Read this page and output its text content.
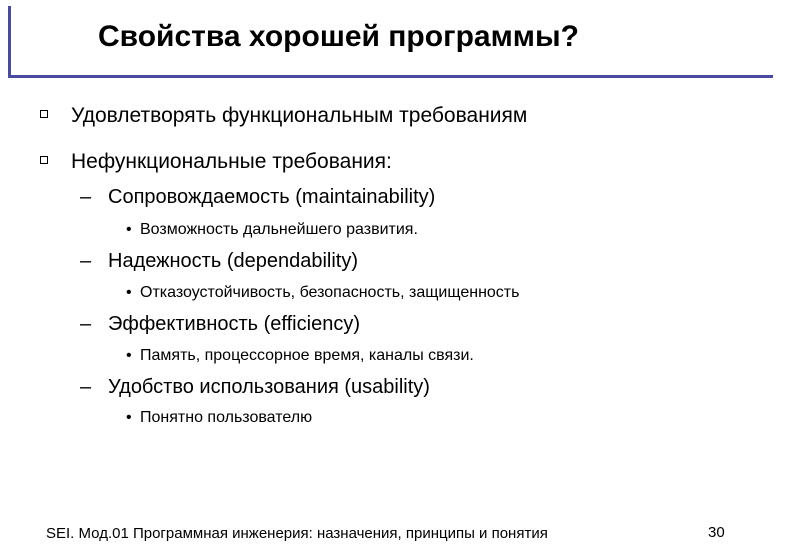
Свойства хорошей программы?
Удовлетворять функциональным требованиям
Нефункциональные требования:
– Сопровождаемость (maintainability)
• Возможность дальнейшего развития.
– Надежность (dependability)
• Отказоустойчивость, безопасность, защищенность
– Эффективность (efficiency)
• Память, процессорное время, каналы связи.
– Удобство использования (usability)
• Понятно пользователю
SEI. Мод.01 Программная инженерия: назначения, принципы и понятия	30
